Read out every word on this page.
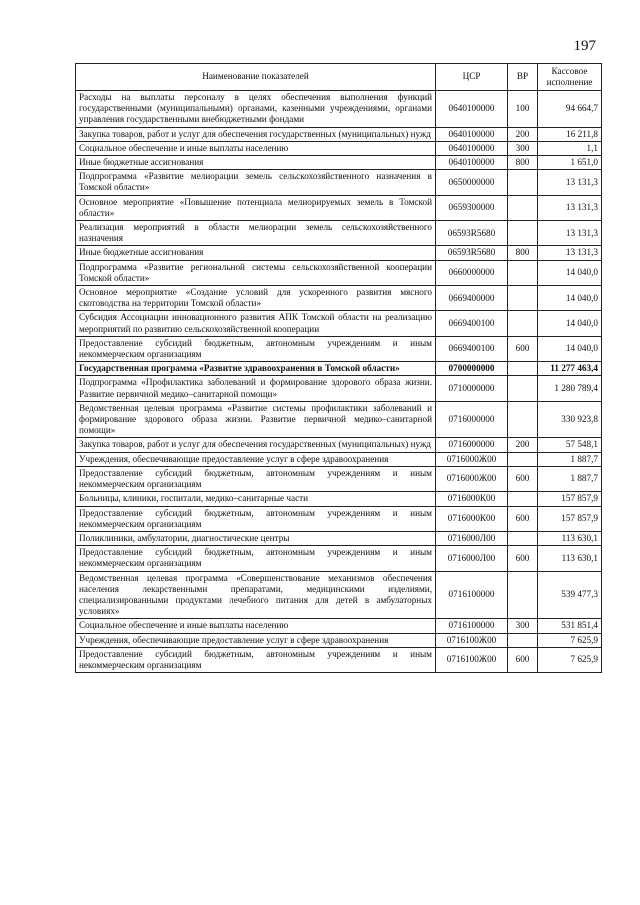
197
Наименование показателей	ЦСР	ВР	Кассовое исполнение
Расходы на выплаты персоналу в целях обеспечения выполнения функций государственными (муниципальными) органами, казенными учреждениями, органами управления государственными внебюджетными фондами	0640100000	100	94 664,7
Закупка товаров, работ и услуг для обеспечения государственных (муниципальных) нужд	0640100000	200	16 211,8
Социальное обеспечение и иные выплаты населению	0640100000	300	1,1
Иные бюджетные ассигнования	0640100000	800	1 651,0
Подпрограмма «Развитие мелиорации земель сельскохозяйственного назначения в Томской области»	0650000000		13 131,3
Основное мероприятие «Повышение потенциала мелиорируемых земель в Томской области»	0659300000		13 131,3
Реализация мероприятий в области мелиорации земель сельскохозяйственного назначения	06593R5680		13 131,3
Иные бюджетные ассигнования	06593R5680	800	13 131,3
Подпрограмма «Развитие региональной системы сельскохозяйственной кооперации Томской области»	0660000000		14 040,0
Основное мероприятие «Создание условий для ускоренного развития мясного скотоводства на территории Томской области»	0669400000		14 040,0
Субсидия Ассоциации инновационного развития АПК Томской области на реализацию мероприятий по развитию сельскохозяйственной кооперации	0669400100		14 040,0
Предоставление субсидий бюджетным, автономным учреждениям и иным некоммерческим организациям	0669400100	600	14 040,0
Государственная программа «Развитие здравоохранения в Томской области»	0700000000		11 277 463,4
Подпрограмма «Профилактика заболеваний и формирование здорового образа жизни. Развитие первичной медико–санитарной помощи»	0710000000		1 280 789,4
Ведомственная целевая программа «Развитие системы профилактики заболеваний и формирование здорового образа жизни. Развитие первичной медико–санитарной помощи»	0716000000		330 923,8
Закупка товаров, работ и услуг для обеспечения государственных (муниципальных) нужд	0716000000	200	57 548,1
Учреждения, обеспечивающие предоставление услуг в сфере здравоохранения	0716000Ж00		1 887,7
Предоставление субсидий бюджетным, автономным учреждениям и иным некоммерческим организациям	0716000Ж00	600	1 887,7
Больницы, клиники, госпитали, медико–санитарные части	0716000К00		157 857,9
Предоставление субсидий бюджетным, автономным учреждениям и иным некоммерческим организациям	0716000К00	600	157 857,9
Поликлиники, амбулатории, диагностические центры	0716000Л00		113 630,1
Предоставление субсидий бюджетным, автономным учреждениям и иным некоммерческим организациям	0716000Л00	600	113 630,1
Ведомственная целевая программа «Совершенствование механизмов обеспечения населения лекарственными препаратами, медицинскими изделиями, специализированными продуктами лечебного питания для детей в амбулаторных условиях»	0716100000		539 477,3
Социальное обеспечение и иные выплаты населению	0716100000	300	531 851,4
Учреждения, обеспечивающие предоставление услуг в сфере здравоохранения	0716100Ж00		7 625,9
Предоставление субсидий бюджетным, автономным учреждениям и иным некоммерческим организациям	0716100Ж00	600	7 625,9
